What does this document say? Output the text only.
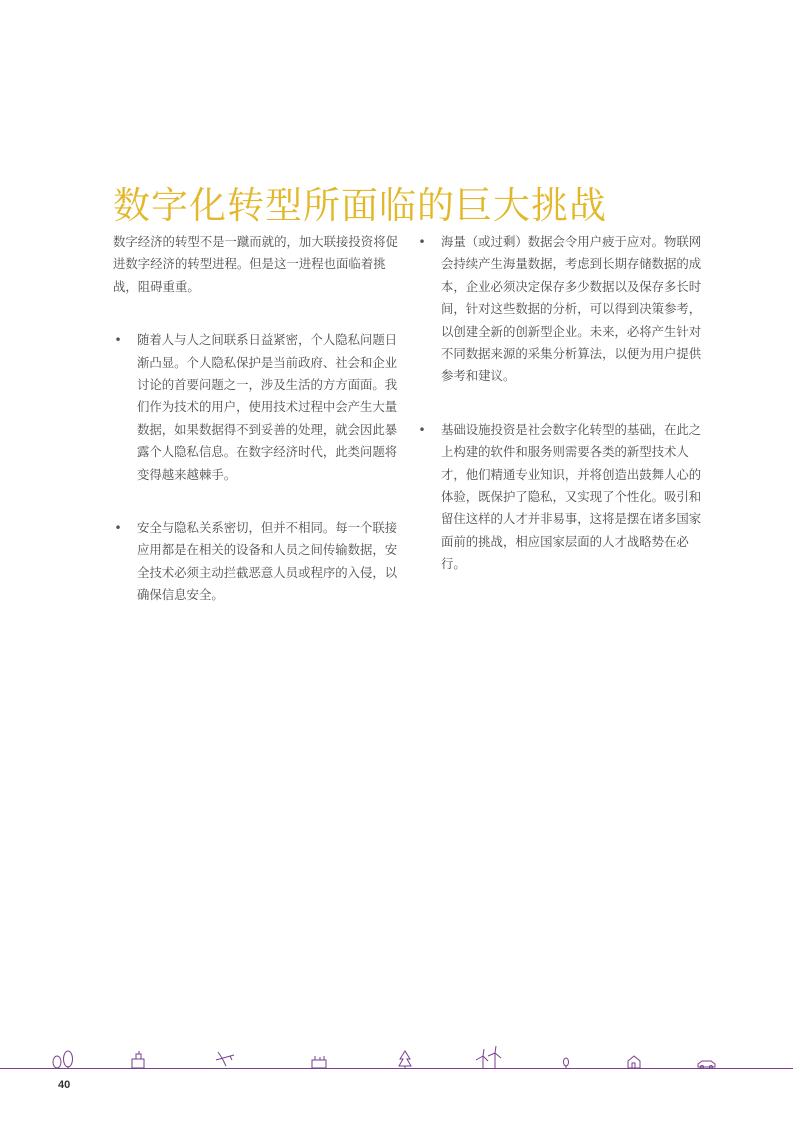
数字化转型所面临的巨大挑战

数字经济的转型不是一蹴而就的，加大联接投资将促进数字经济的转型进程。但是这一进程也面临着挑战，阻碍重重。

• 随着人与人之间联系日益紧密，个人隐私问题日渐凸显。个人隐私保护是当前政府、社会和企业讨论的首要问题之一，涉及生活的方方面面。我们作为技术的用户，使用技术过程中会产生大量数据，如果数据得不到妥善的处理，就会因此暴露个人隐私信息。在数字经济时代，此类问题将变得越来越棘手。
• 安全与隐私关系密切，但并不相同。每一个联接应用都是在相关的设备和人员之间传输数据，安全技术必须主动拦截恶意人员或程序的入侵，以确保信息安全。
• 海量（或过剩）数据会令用户疲于应对。物联网会持续产生海量数据，考虑到长期存储数据的成本，企业必须决定保存多少数据以及保存多长时间，针对这些数据的分析，可以得到决策参考，以创建全新的创新型企业。未来，必将产生针对不同数据来源的采集分析算法，以便为用户提供参考和建议。
• 基础设施投资是社会数字化转型的基础，在此之上构建的软件和服务则需要各类的新型技术人才，他们精通专业知识，并将创造出鼓舞人心的体验，既保护了隐私，又实现了个性化。吸引和留住这样的人才并非易事，这将是摆在诸多国家面前的挑战，相应国家层面的人才战略势在必行。
40
